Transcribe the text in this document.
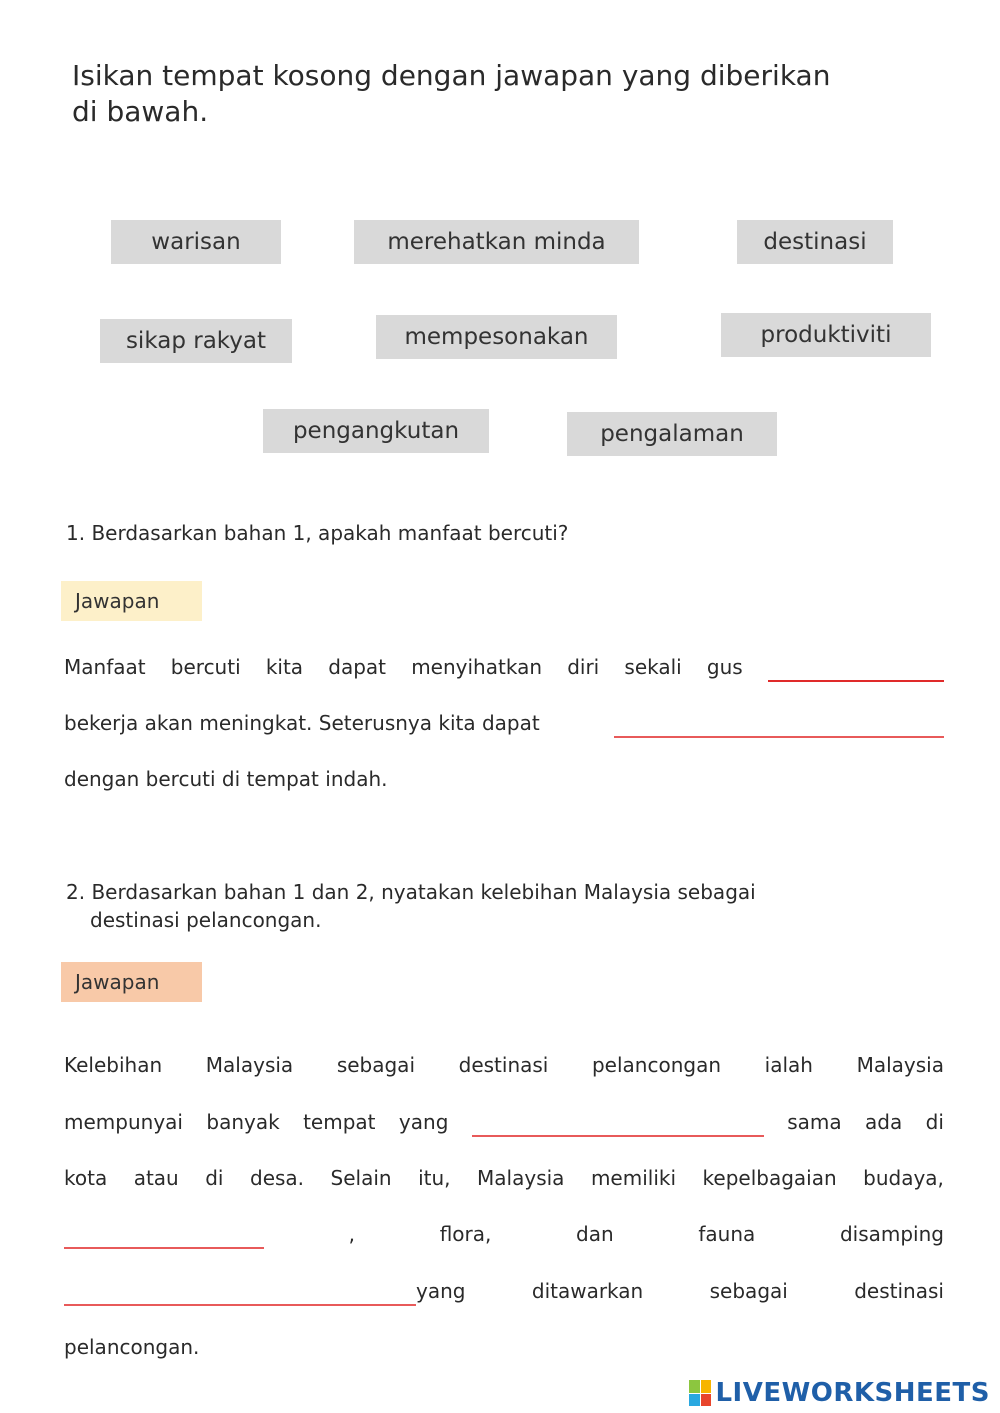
Isikan tempat kosong dengan jawapan yang diberikan
di bawah.
warisan	merehatkan minda	destinasi
sikap rakyat	mempesonakan	produktiviti
pengangkutan	pengalaman
1. Berdasarkan bahan 1, apakah manfaat bercuti?
Jawapan
Manfaat bercuti kita dapat menyihatkan diri sekali gus
bekerja akan meningkat. Seterusnya kita dapat
dengan bercuti di tempat indah.
2. Berdasarkan bahan 1 dan 2, nyatakan kelebihan Malaysia sebagai
destinasi pelancongan.
Jawapan
Kelebihan Malaysia sebagai destinasi pelancongan ialah Malaysia
mempunyai banyak tempat yang	sama ada di
kota atau di desa. Selain itu, Malaysia memiliki kepelbagaian budaya,
,	flora,	dan	fauna	disamping
yang	ditawarkan	sebagai	destinasi
pelancongan.
LIVEWORKSHEETS
